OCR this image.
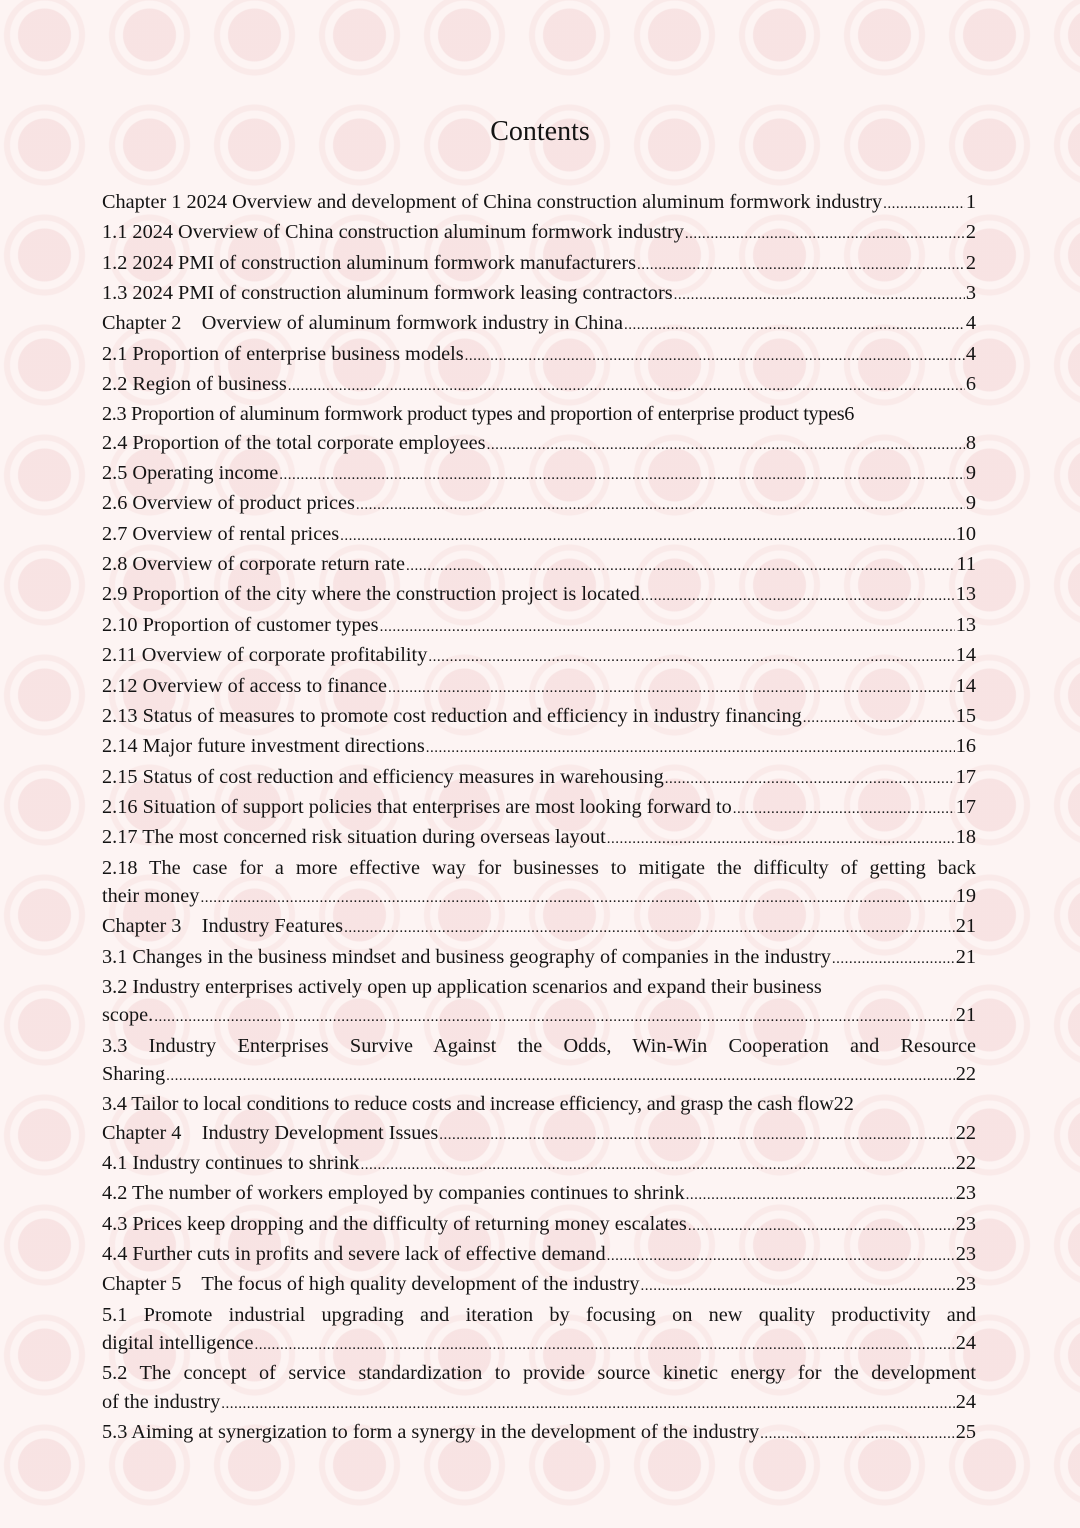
Contents
Chapter 1 2024 Overview and development of China construction aluminum formwork industry .....	1
1.1 2024 Overview of China construction aluminum formwork industry .....	2
1.2 2024 PMI of construction aluminum formwork manufacturers .....	2
1.3 2024 PMI of construction aluminum formwork leasing contractors .....	3
Chapter 2    Overview of aluminum formwork industry in China .....	4
2.1 Proportion of enterprise business models .....	4
2.2 Region of business .....	6
2.3 Proportion of aluminum formwork product types and proportion of enterprise product types 6
2.4 Proportion of the total corporate employees .....	8
2.5 Operating income .....	9
2.6 Overview of product prices .....	9
2.7 Overview of rental prices .....	10
2.8 Overview of corporate return rate .....	11
2.9 Proportion of the city where the construction project is located .....	13
2.10 Proportion of customer types .....	13
2.11 Overview of corporate profitability .....	14
2.12 Overview of access to finance .....	14
2.13 Status of measures to promote cost reduction and efficiency in industry financing .....	15
2.14 Major future investment directions .....	16
2.15 Status of cost reduction and efficiency measures in warehousing .....	17
2.16 Situation of support policies that enterprises are most looking forward to .....	17
2.17 The most concerned risk situation during overseas layout .....	18
2.18 The case for a more effective way for businesses to mitigate the difficulty of getting back
their money .....	19
Chapter 3    Industry Features .....	21
3.1 Changes in the business mindset and business geography of companies in the industry .....	21
3.2 Industry enterprises actively open up application scenarios and expand their business
scope. .....	21
3.3 Industry Enterprises Survive Against the Odds, Win-Win Cooperation and Resource
Sharing .....	22
3.4 Tailor to local conditions to reduce costs and increase efficiency, and grasp the cash flow 22
Chapter 4    Industry Development Issues .....	22
4.1 Industry continues to shrink .....	22
4.2 The number of workers employed by companies continues to shrink .....	23
4.3 Prices keep dropping and the difficulty of returning money escalates .....	23
4.4 Further cuts in profits and severe lack of effective demand .....	23
Chapter 5    The focus of high quality development of the industry .....	23
5.1 Promote industrial upgrading and iteration by focusing on new quality productivity and
digital intelligence .....	24
5.2 The concept of service standardization to provide source kinetic energy for the development
of the industry .....	24
5.3 Aiming at synergization to form a synergy in the development of the industry .....	25
